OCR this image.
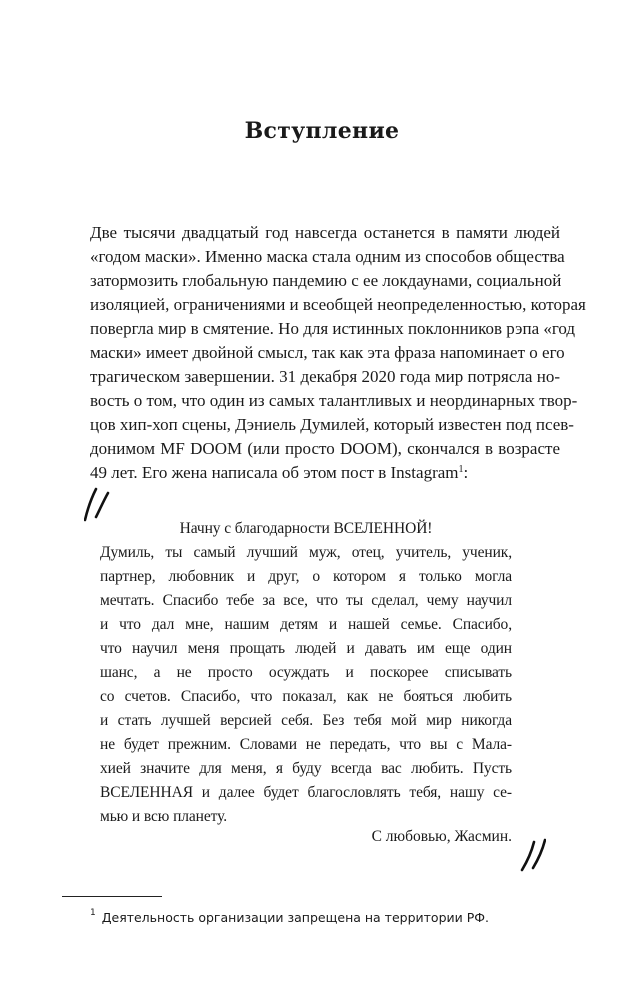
Вступление
Две тысячи двадцатый год навсегда останется в памяти людей
«годом маски». Именно маска стала одним из способов общества
затормозить глобальную пандемию с ее локдаунами, социальной
изоляцией, ограничениями и всеобщей неопределенностью, которая
повергла мир в смятение. Но для истинных поклонников рэпа «год
маски» имеет двойной смысл, так как эта фраза напоминает о его
трагическом завершении. 31 декабря 2020 года мир потрясла но-
вость о том, что один из самых талантливых и неординарных твор-
цов хип-хоп сцены, Дэниель Думилей, который известен под псев-
донимом MF DOOM (или просто DOOM), скончался в возрасте
49 лет. Его жена написала об этом пост в Instagram$^1$:
Начну с благодарности ВСЕЛЕННОЙ!
Думиль, ты самый лучший муж, отец, учитель, ученик,
партнер, любовник и друг, о котором я только могла
мечтать. Спасибо тебе за все, что ты сделал, чему научил
и что дал мне, нашим детям и нашей семье. Спасибо,
что научил меня прощать людей и давать им еще один
шанс, а не просто осуждать и поскорее списывать
со счетов. Спасибо, что показал, как не бояться любить
и стать лучшей версией себя. Без тебя мой мир никогда
не будет прежним. Словами не передать, что вы с Мала-
хией значите для меня, я буду всегда вас любить. Пусть
ВСЕЛЕННАЯ и далее будет благословлять тебя, нашу се-
мью и всю планету.
С любовью, Жасмин.
$^1$ Деятельность организации запрещена на территории РФ.
